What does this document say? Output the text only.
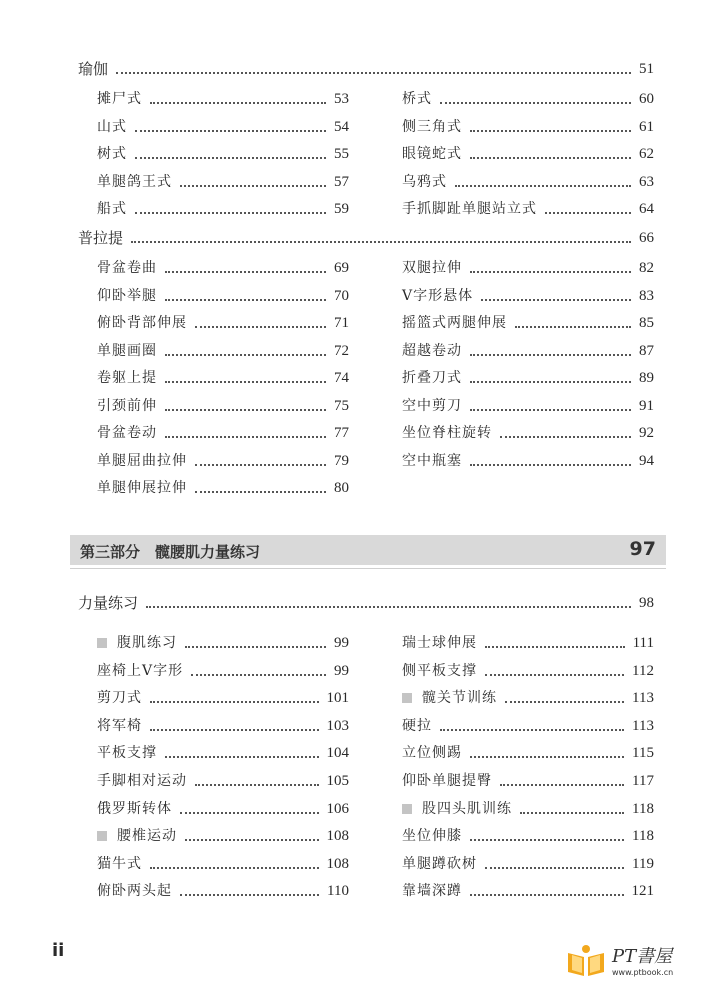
瑜伽	51
摊尸式	53
山式	54
树式	55
单腿鸽王式	57
船式	59
桥式	60
侧三角式	61
眼镜蛇式	62
乌鸦式	63
手抓脚趾单腿站立式	64
普拉提	66
骨盆卷曲	69
仰卧举腿	70
俯卧背部伸展	71
单腿画圈	72
卷躯上提	74
引颈前伸	75
骨盆卷动	77
单腿屈曲拉伸	79
单腿伸展拉伸	80
双腿拉伸	82
V字形悬体	83
摇篮式两腿伸展	85
超越卷动	87
折叠刀式	89
空中剪刀	91
坐位脊柱旋转	92
空中瓶塞	94
力量练习	98
腹肌练习	99
座椅上V字形	99
剪刀式	101
将军椅	103
平板支撑	104
手脚相对运动	105
俄罗斯转体	106
腰椎运动	108
猫牛式	108
俯卧两头起	110
瑞士球伸展	111
侧平板支撑	112
髋关节训练	113
硬拉	113
立位侧踢	115
仰卧单腿提臀	117
股四头肌训练	118
坐位伸膝	118
单腿蹲砍树	119
靠墙深蹲	121
第三部分　髋腰肌力量练习	97
ii	PT書屋
www.ptbook.cn
